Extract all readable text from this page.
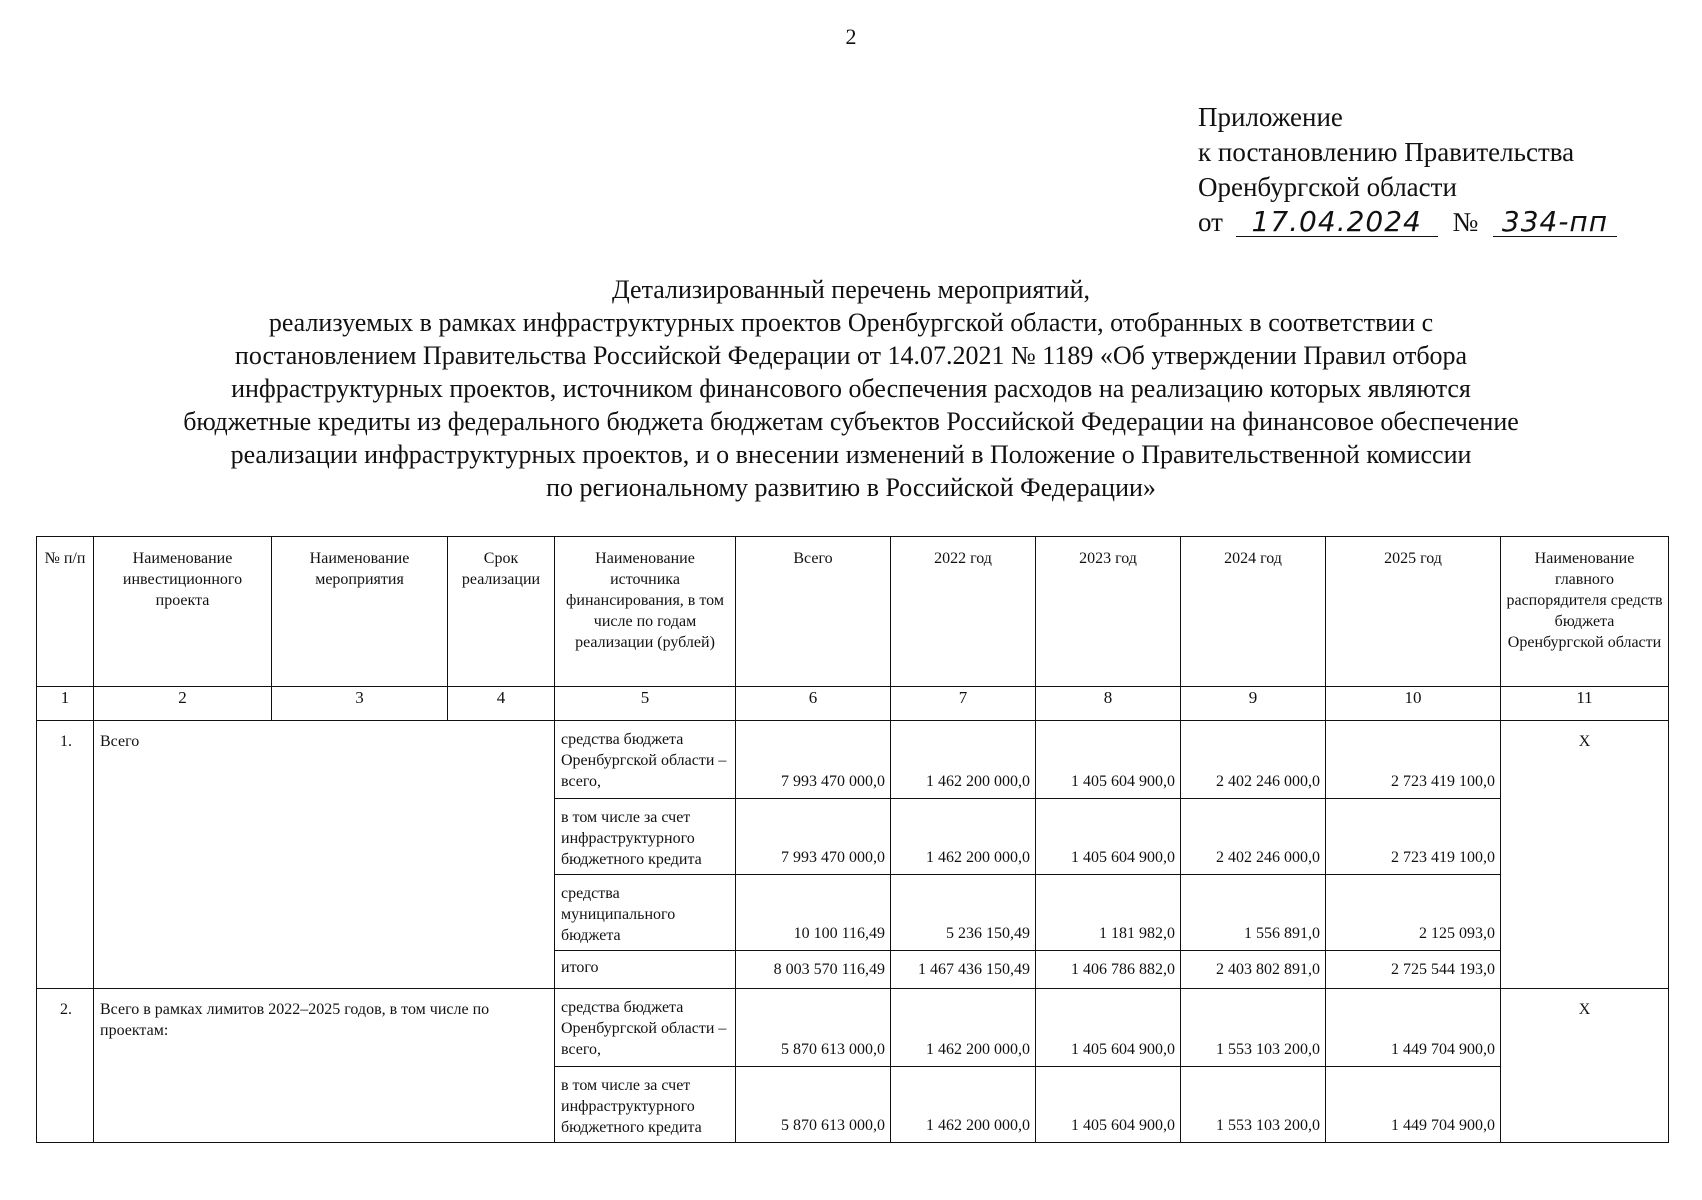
2
Приложение
к постановлению Правительства
Оренбургской области
от 17.04.2024 № 334-пп
Детализированный перечень мероприятий,
реализуемых в рамках инфраструктурных проектов Оренбургской области, отобранных в соответствии с
постановлением Правительства Российской Федерации от 14.07.2021 № 1189 «Об утверждении Правил отбора
инфраструктурных проектов, источником финансового обеспечения расходов на реализацию которых являются
бюджетные кредиты из федерального бюджета бюджетам субъектов Российской Федерации на финансовое обеспечение
реализации инфраструктурных проектов, и о внесении изменений в Положение о Правительственной комиссии
по региональному развитию в Российской Федерации»
№ п/п	Наименование инвестиционного проекта	Наименование мероприятия	Срок реализации	Наименование источника финансирования, в том числе по годам реализации (рублей)	Всего	2022 год	2023 год	2024 год	2025 год	Наименование главного распорядителя средств бюджета Оренбургской области
1	2	3	4	5	6	7	8	9	10	11
1.	Всего			средства бюджета Оренбургской области – всего,	7 993 470 000,0	1 462 200 000,0	1 405 604 900,0	2 402 246 000,0	2 723 419 100,0	Х
				в том числе за счет инфраструктурного бюджетного кредита	7 993 470 000,0	1 462 200 000,0	1 405 604 900,0	2 402 246 000,0	2 723 419 100,0	
				средства муниципального бюджета	10 100 116,49	5 236 150,49	1 181 982,0	1 556 891,0	2 125 093,0	
				итого	8 003 570 116,49	1 467 436 150,49	1 406 786 882,0	2 403 802 891,0	2 725 544 193,0	
2.	Всего в рамках лимитов 2022–2025 годов, в том числе по проектам:			средства бюджета Оренбургской области – всего,	5 870 613 000,0	1 462 200 000,0	1 405 604 900,0	1 553 103 200,0	1 449 704 900,0	Х
				в том числе за счет инфраструктурного бюджетного кредита	5 870 613 000,0	1 462 200 000,0	1 405 604 900,0	1 553 103 200,0	1 449 704 900,0	
